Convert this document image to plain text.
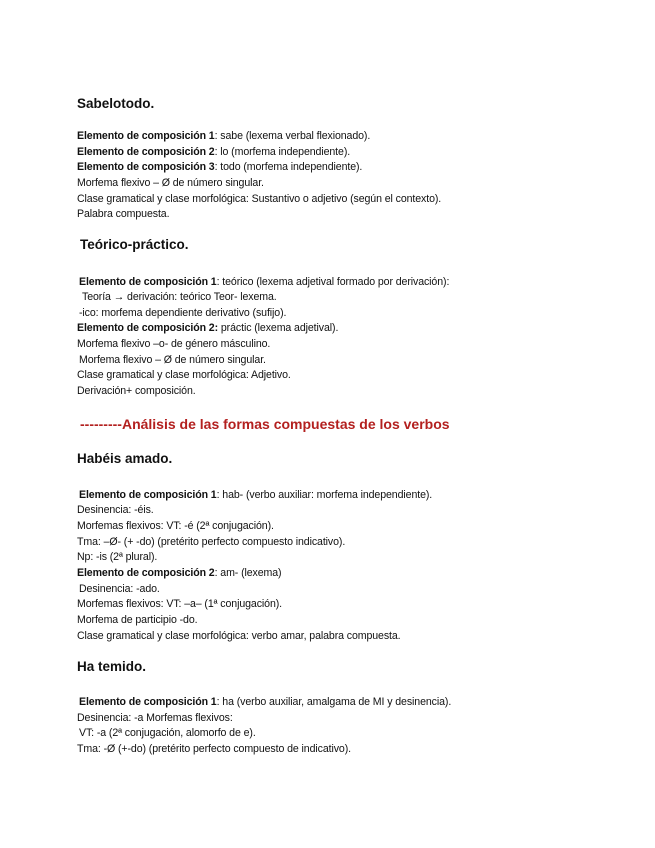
Sabelotodo.
Elemento de composición 1: sabe (lexema verbal flexionado).
Elemento de composición 2: lo (morfema independiente).
Elemento de composición 3: todo (morfema independiente).
Morfema flexivo – Ø de número singular.
Clase gramatical y clase morfológica: Sustantivo o adjetivo (según el contexto).
Palabra compuesta.
Teórico-práctico.
Elemento de composición 1: teórico (lexema adjetival formado por derivación):
Teoría → derivación: teórico Teor- lexema.
-ico: morfema dependiente derivativo (sufijo).
Elemento de composición 2: práctic (lexema adjetival).
Morfema flexivo –o- de género másculino.
Morfema flexivo – Ø de número singular.
Clase gramatical y clase morfológica: Adjetivo.
Derivación+ composición.
---------Análisis de las formas compuestas de los verbos
Habéis amado.
Elemento de composición 1: hab- (verbo auxiliar: morfema independiente).
Desinencia: -éis.
Morfemas flexivos: VT: -é (2ª conjugación).
Tma: –Ø- (+ -do) (pretérito perfecto compuesto indicativo).
Np: -is (2ª plural).
Elemento de composición 2: am- (lexema)
Desinencia: -ado.
Morfemas flexivos: VT: –a– (1ª conjugación).
Morfema de participio -do.
Clase gramatical y clase morfológica: verbo amar, palabra compuesta.
Ha temido.
Elemento de composición 1: ha (verbo auxiliar, amalgama de MI y desinencia).
Desinencia: -a Morfemas flexivos:
VT: -a (2ª conjugación, alomorfo de e).
Tma: -Ø (+-do) (pretérito perfecto compuesto de indicativo).
